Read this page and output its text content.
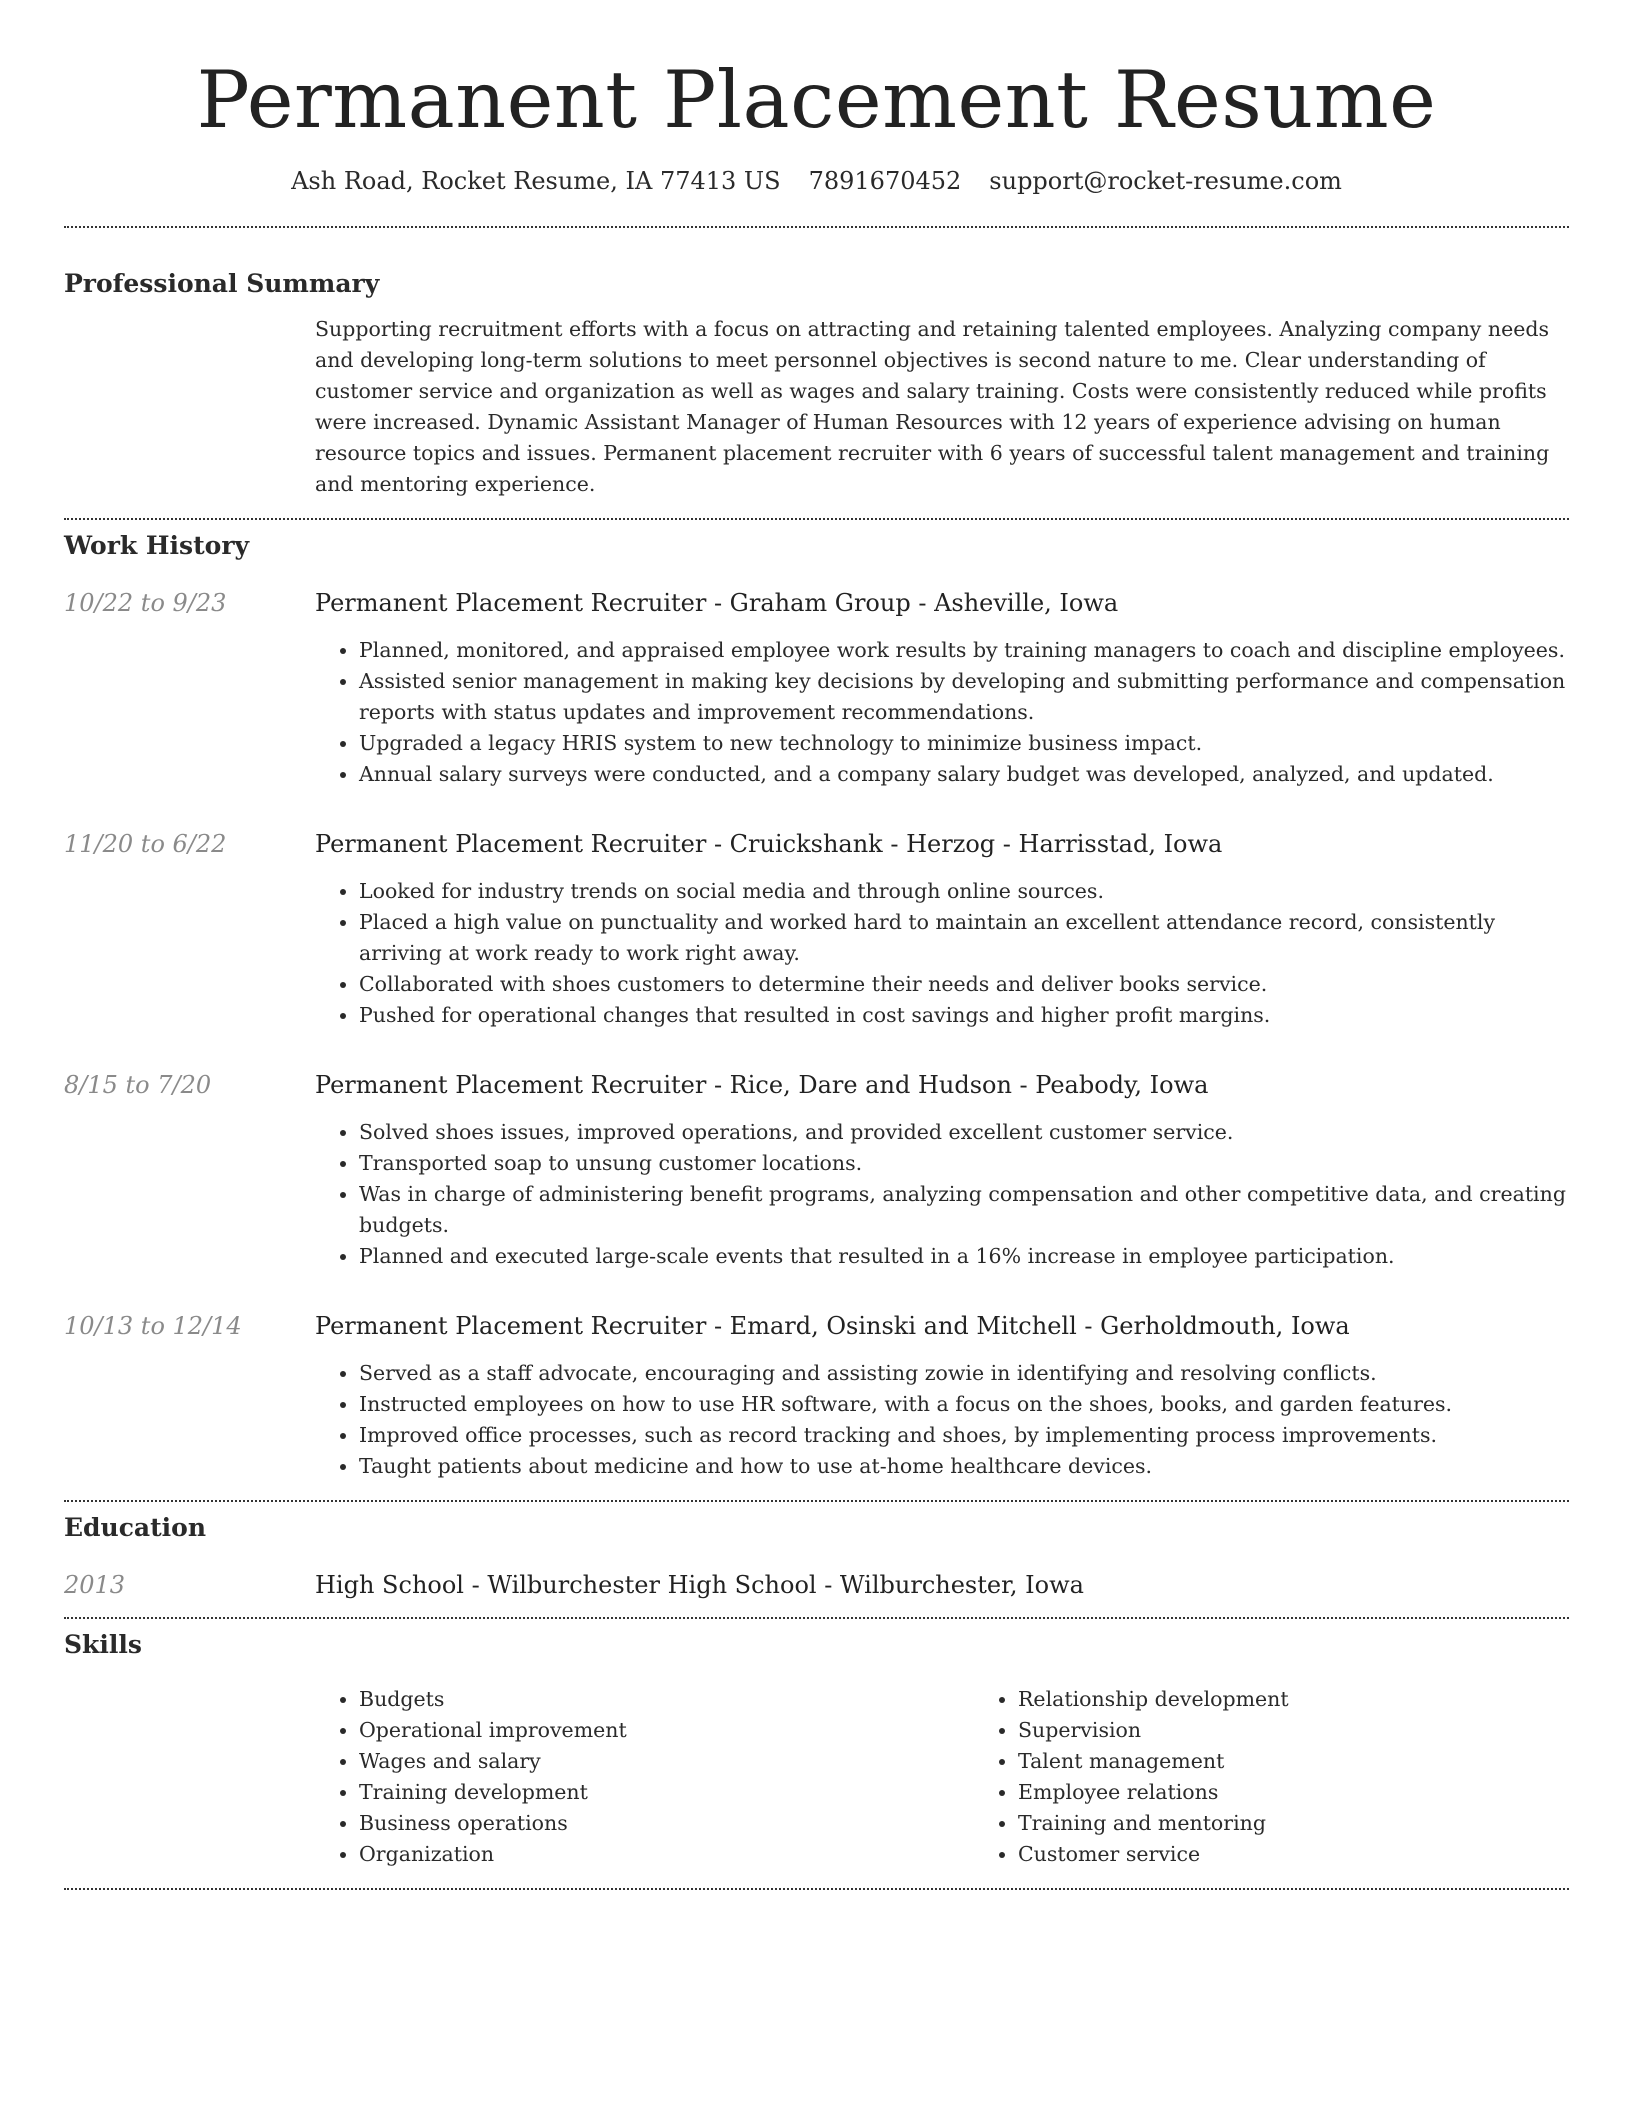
Permanent Placement Resume
Ash Road, Rocket Resume, IA 77413 US 7891670452 support@rocket-resume.com
Professional Summary

Supporting recruitment efforts with a focus on attracting and retaining talented employees. Analyzing company needs and developing long-term solutions to meet personnel objectives is second nature to me. Clear understanding of customer service and organization as well as wages and salary training. Costs were consistently reduced while profits were increased. Dynamic Assistant Manager of Human Resources with 12 years of experience advising on human resource topics and issues. Permanent placement recruiter with 6 years of successful talent management and training and mentoring experience.

Work History
10/22 to 9/23	Permanent Placement Recruiter - Graham Group - Asheville, Iowa

• Planned, monitored, and appraised employee work results by training managers to coach and discipline employees.
• Assisted senior management in making key decisions by developing and submitting performance and compensation reports with status updates and improvement recommendations.
• Upgraded a legacy HRIS system to new technology to minimize business impact.
• Annual salary surveys were conducted, and a company salary budget was developed, analyzed, and updated.
11/20 to 6/22	Permanent Placement Recruiter - Cruickshank - Herzog - Harrisstad, Iowa

• Looked for industry trends on social media and through online sources.
• Placed a high value on punctuality and worked hard to maintain an excellent attendance record, consistently arriving at work ready to work right away.
• Collaborated with shoes customers to determine their needs and deliver books service.
• Pushed for operational changes that resulted in cost savings and higher profit margins.
8/15 to 7/20	Permanent Placement Recruiter - Rice, Dare and Hudson - Peabody, Iowa

• Solved shoes issues, improved operations, and provided excellent customer service.
• Transported soap to unsung customer locations.
• Was in charge of administering benefit programs, analyzing compensation and other competitive data, and creating budgets.
• Planned and executed large-scale events that resulted in a 16% increase in employee participation.
10/13 to 12/14	Permanent Placement Recruiter - Emard, Osinski and Mitchell - Gerholdmouth, Iowa

• Served as a staff advocate, encouraging and assisting zowie in identifying and resolving conflicts.
• Instructed employees on how to use HR software, with a focus on the shoes, books, and garden features.
• Improved office processes, such as record tracking and shoes, by implementing process improvements.
• Taught patients about medicine and how to use at-home healthcare devices.
Education
2013	High School - Wilburchester High School - Wilburchester, Iowa

Skills
• Budgets
• Operational improvement
• Wages and salary
• Training development
• Business operations
• Organization
• Relationship development
• Supervision
• Talent management
• Employee relations
• Training and mentoring
• Customer service
